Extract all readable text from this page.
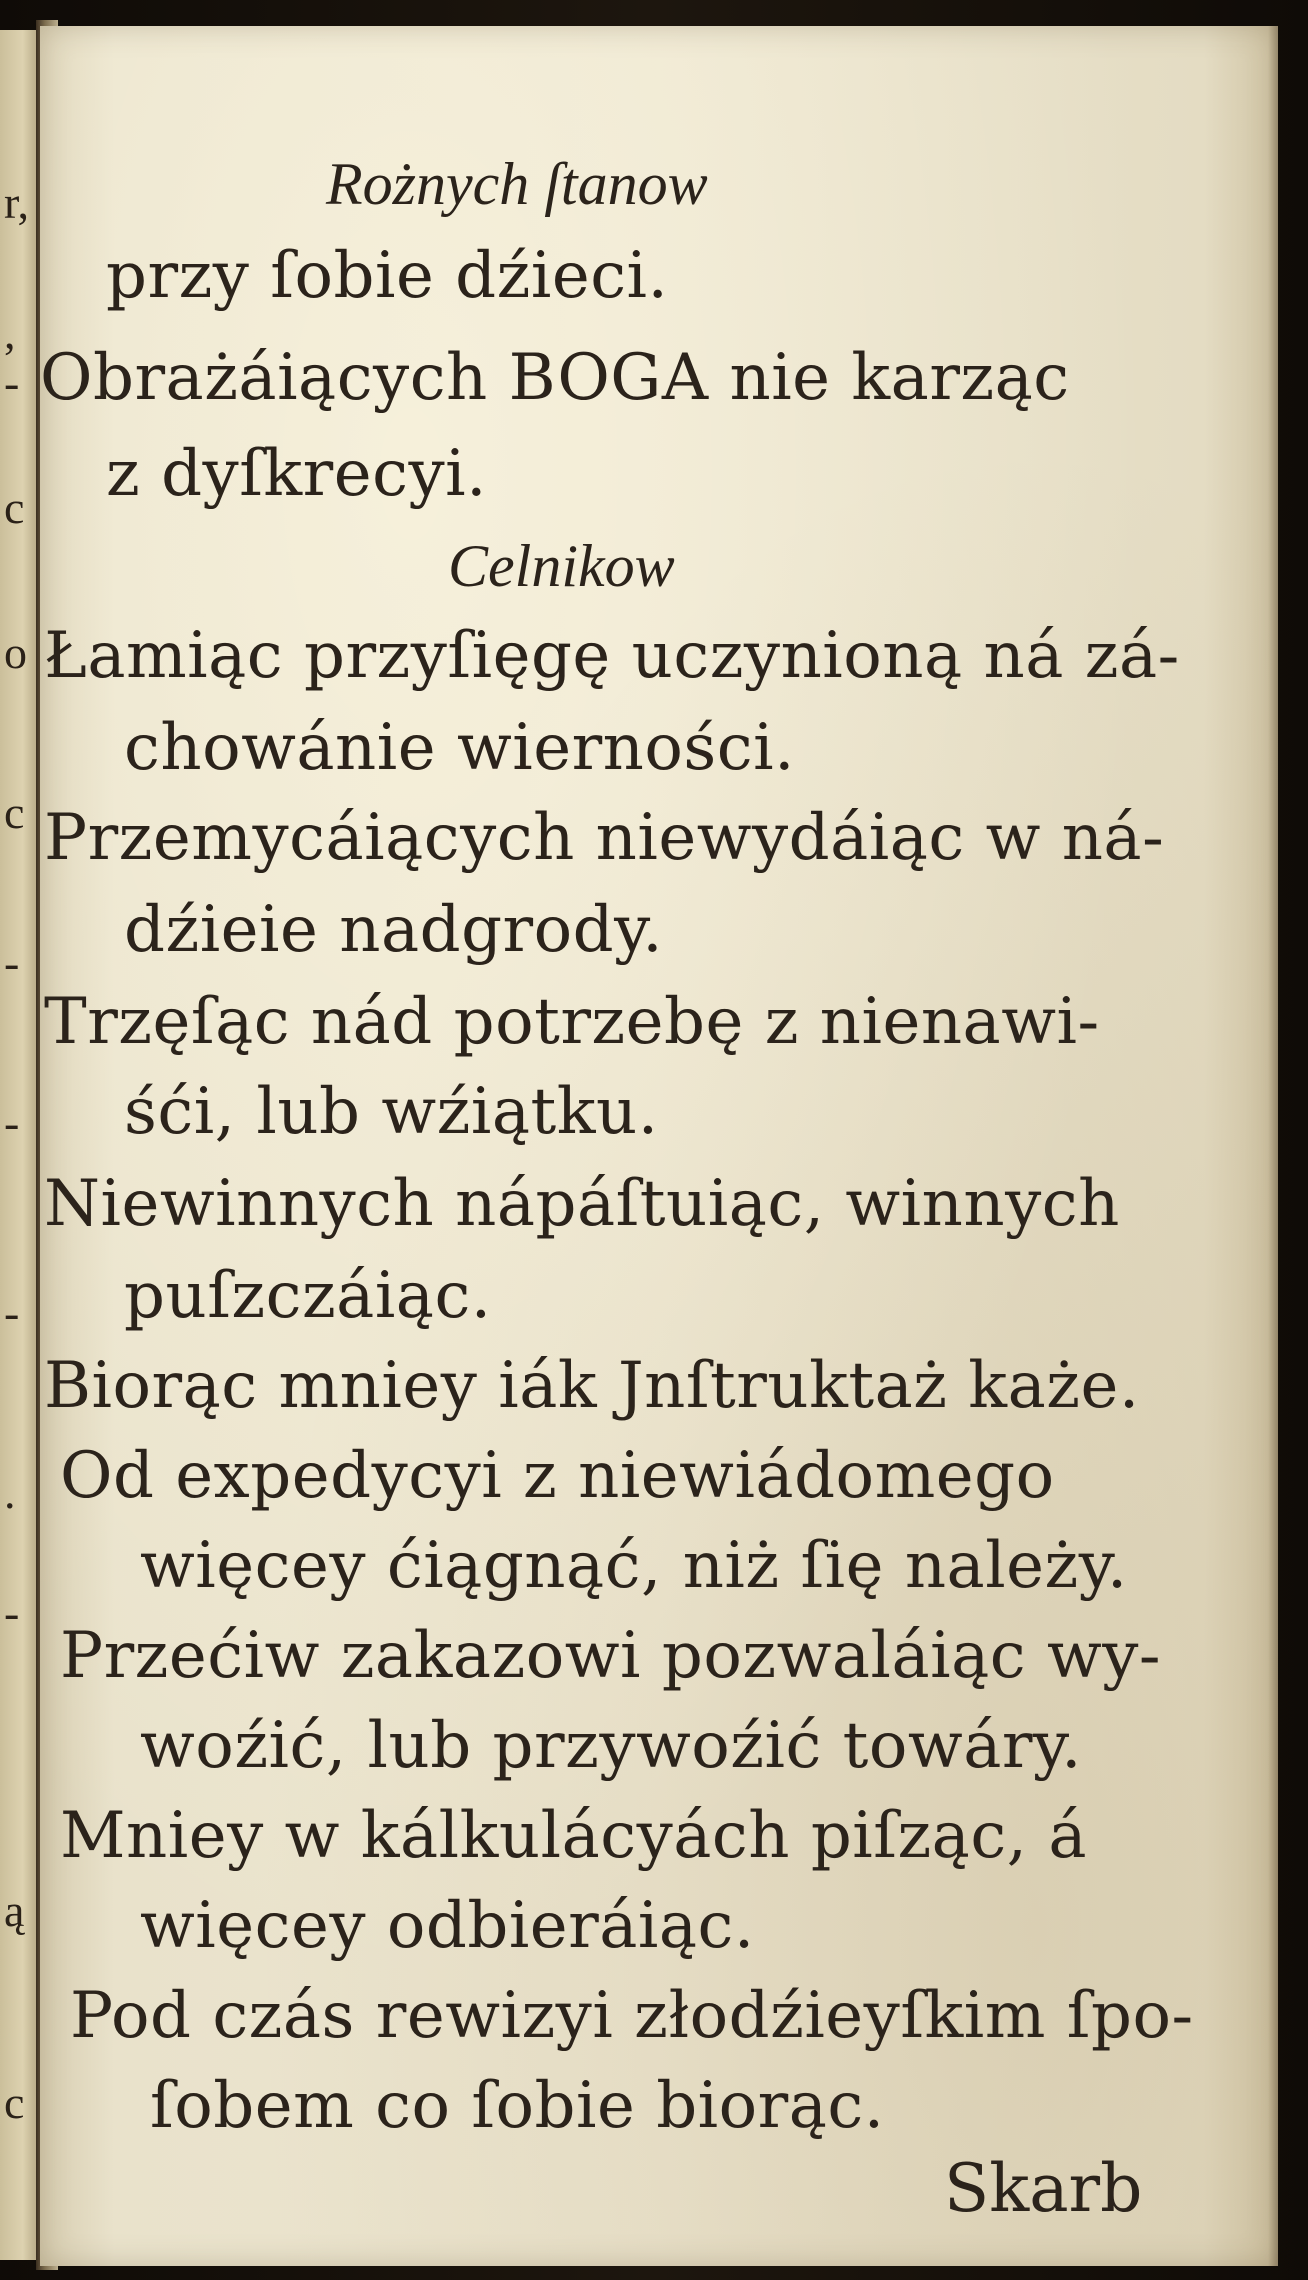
r,
,
-
c
o
c
-
-
-
.
-
ą
c
Rożnych ſtanow
przy ſobie dźieci.
Obrażáiących BOGA nie karząc
z dyſkrecyi.
Celnikow
Łamiąc przyſięgę uczynioną ná zá-
chowánie wierności.
Przemycáiących niewydáiąc w ná-
dźieie nadgrody.
Trzęſąc nád potrzebę z nienawi-
śći, lub wźiątku.
Niewinnych nápáſtuiąc, winnych
puſzczáiąc.
Biorąc mniey iák Jnſtruktaż każe.
Od expedycyi z niewiádomego
więcey ćiągnąć, niż ſię należy.
Przećiw zakazowi pozwaláiąc wy-
woźić, lub przywoźić towáry.
Mniey w kálkulácyách piſząc, á
więcey odbieráiąc.
Pod czás rewizyi złodźieyſkim ſpo-
ſobem co ſobie biorąc.
Skarb
